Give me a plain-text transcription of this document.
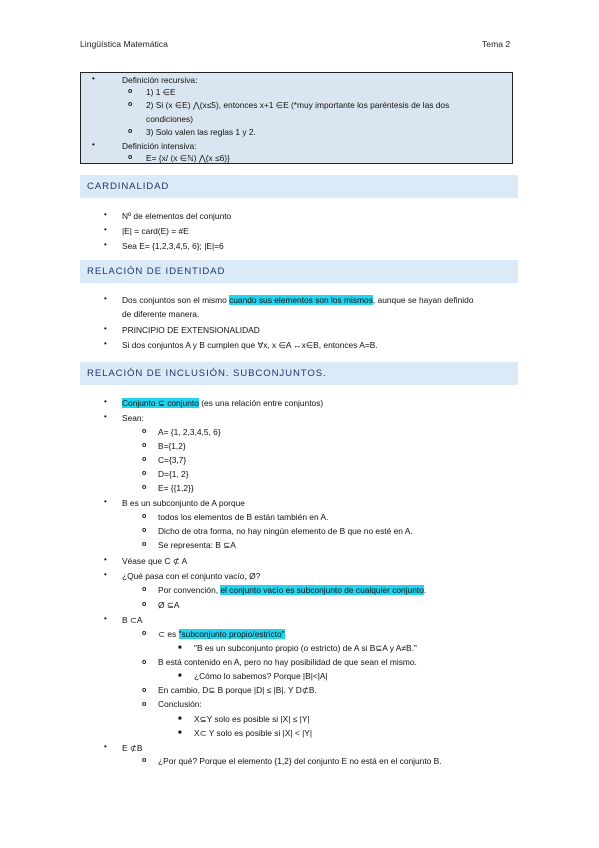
Lingüística Matemática	Tema 2
•	Definición recursiva:
o 1) 1 ∈E
o 2) Si (x ∈E) ⋀(x≤5), entonces x+1 ∈E (*muy importante los paréntesis de las dos
condiciones)
o 3) Solo valen las reglas 1 y 2.
•	Definición intensiva:
o E= {x/ (x ∈ℕ) ⋀(x ≤6)}
CARDINALIDAD
• Nº de elementos del conjunto
• |E| = card(E) = #E
• Sea E= {1,2,3,4,5, 6}; |E|=6
RELACIÓN DE IDENTIDAD
• Dos conjuntos son el mismo cuando sus elementos son los mismos, aunque se hayan definido
de diferente manera.
• PRINCIPIO DE EXTENSIONALIDAD
• Si dos conjuntos A y B cumplen que ∀x, x ∈A ↔x∈B, entonces A=B.
RELACIÓN DE INCLUSIÓN. SUBCONJUNTOS.
• Conjunto ⊆ conjunto (es una relación entre conjuntos)
• Sean:
o A= {1, 2,3,4,5, 6}
o B={1,2}
o C={3,7}
o D={1, 2}
o E= {{1,2}}
• B es un subconjunto de A porque
o todos los elementos de B están también en A.
o Dicho de otra forma, no hay ningún elemento de B que no esté en A.
o Se representa: B ⊆A
• Véase que C ⊄ A
• ¿Qué pasa con el conjunto vacío, Ø?
o Por convención, el conjunto vacío es subconjunto de cualquier conjunto.
o Ø ⊆A
• B ⊂A
o ⊂ es "subconjunto propio/estricto"
■ "B es un subconjunto propio (o estricto) de A si B⊆A y A≠B."
o B está contenido en A, pero no hay posibilidad de que sean el mismo.
■ ¿Cómo lo sabemos? Porque |B|<|A|
o En cambio, D⊆ B porque |D| ≤ |B|. Y D⊄B.
o Conclusión:
■ X⊆Y solo es posible si |X| ≤ |Y|
■ X⊂ Y solo es posible si |X| < |Y|
• E ⊄B
o ¿Por qué? Porque el elemento {1,2} del conjunto E no está en el conjunto B.
